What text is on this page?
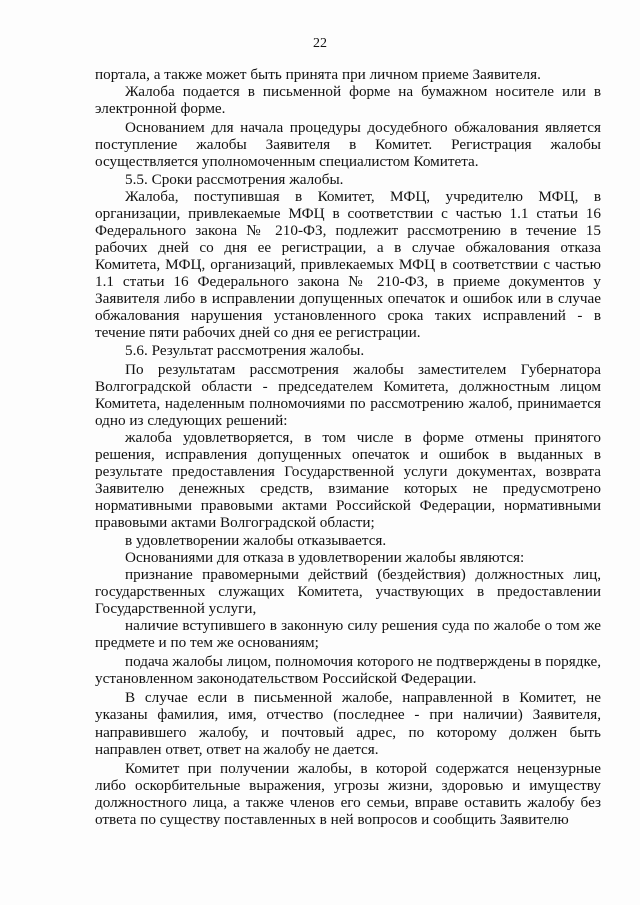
22

портала, а также может быть принята при личном приеме Заявителя.

Жалоба подается в письменной форме на бумажном носителе или в электронной форме.

Основанием для начала процедуры досудебного обжалования является поступление жалобы Заявителя в Комитет. Регистрация жалобы осуществляется уполномоченным специалистом Комитета.

5.5. Сроки рассмотрения жалобы.

Жалоба, поступившая в Комитет, МФЦ, учредителю МФЦ, в организации, привлекаемые МФЦ в соответствии с частью 1.1 статьи 16 Федерального закона № 210-ФЗ, подлежит рассмотрению в течение 15 рабочих дней со дня ее регистрации, а в случае обжалования отказа Комитета, МФЦ, организаций, привлекаемых МФЦ в соответствии с частью 1.1 статьи 16 Федерального закона № 210-ФЗ, в приеме документов у Заявителя либо в исправлении допущенных опечаток и ошибок или в случае обжалования нарушения установленного срока таких исправлений - в течение пяти рабочих дней со дня ее регистрации.

5.6. Результат рассмотрения жалобы.

По результатам рассмотрения жалобы заместителем Губернатора Волгоградской области - председателем Комитета, должностным лицом Комитета, наделенным полномочиями по рассмотрению жалоб, принимается одно из следующих решений:

жалоба удовлетворяется, в том числе в форме отмены принятого решения, исправления допущенных опечаток и ошибок в выданных в результате предоставления Государственной услуги документах, возврата Заявителю денежных средств, взимание которых не предусмотрено нормативными правовыми актами Российской Федерации, нормативными правовыми актами Волгоградской области;

в удовлетворении жалобы отказывается.

Основаниями для отказа в удовлетворении жалобы являются:

признание правомерными действий (бездействия) должностных лиц, государственных служащих Комитета, участвующих в предоставлении Государственной услуги,

наличие вступившего в законную силу решения суда по жалобе о том же предмете и по тем же основаниям;

подача жалобы лицом, полномочия которого не подтверждены в порядке, установленном законодательством Российской Федерации.

В случае если в письменной жалобе, направленной в Комитет, не указаны фамилия, имя, отчество (последнее - при наличии) Заявителя, направившего жалобу, и почтовый адрес, по которому должен быть направлен ответ, ответ на жалобу не дается.

Комитет при получении жалобы, в которой содержатся нецензурные либо оскорбительные выражения, угрозы жизни, здоровью и имуществу должностного лица, а также членов его семьи, вправе оставить жалобу без ответа по существу поставленных в ней вопросов и сообщить Заявителю
